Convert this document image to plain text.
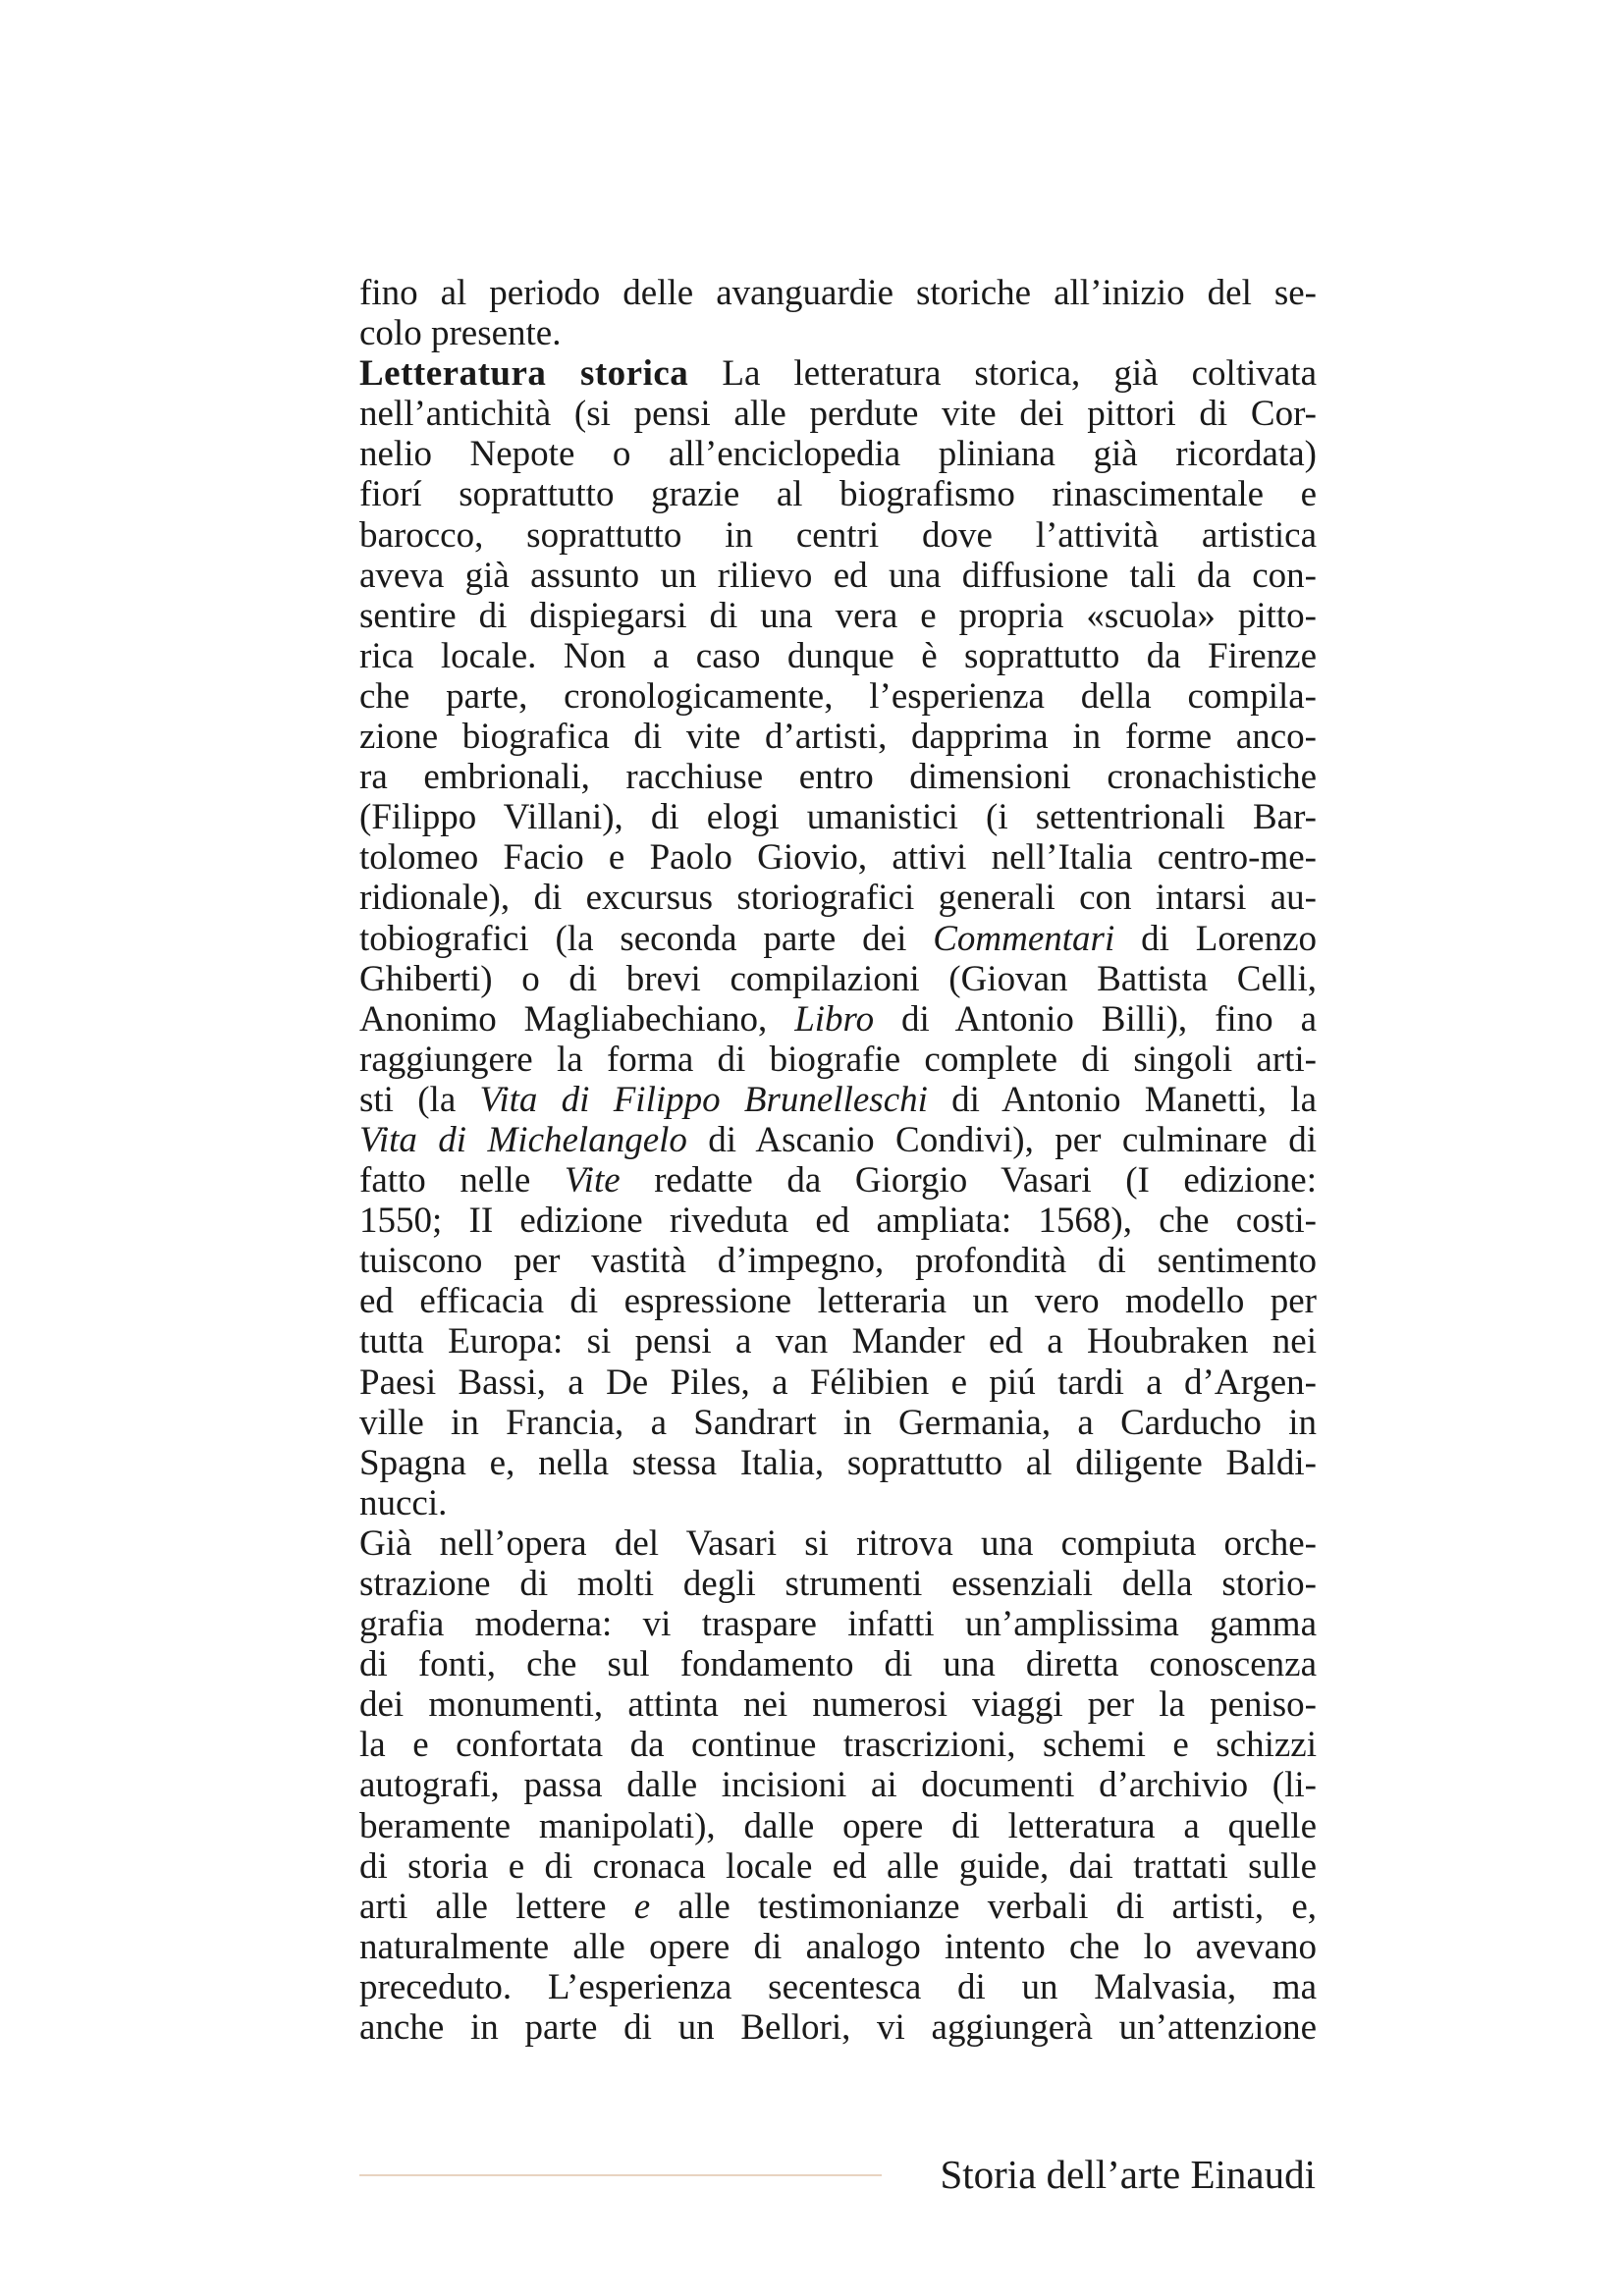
fino al periodo delle avanguardie storiche all’inizio del se-
colo presente.
Letteratura storica La letteratura storica, già coltivata
nell’antichità (si pensi alle perdute vite dei pittori di Cor-
nelio Nepote o all’enciclopedia pliniana già ricordata)
fiorí soprattutto grazie al biografismo rinascimentale e
barocco, soprattutto in centri dove l’attività artistica
aveva già assunto un rilievo ed una diffusione tali da con-
sentire di dispiegarsi di una vera e propria «scuola» pitto-
rica locale. Non a caso dunque è soprattutto da Firenze
che parte, cronologicamente, l’esperienza della compila-
zione biografica di vite d’artisti, dapprima in forme anco-
ra embrionali, racchiuse entro dimensioni cronachistiche
(Filippo Villani), di elogi umanistici (i settentrionali Bar-
tolomeo Facio e Paolo Giovio, attivi nell’Italia centro-me-
ridionale), di excursus storiografici generali con intarsi au-
tobiografici (la seconda parte dei Commentari di Lorenzo
Ghiberti) o di brevi compilazioni (Giovan Battista Celli,
Anonimo Magliabechiano, Libro di Antonio Billi), fino a
raggiungere la forma di biografie complete di singoli arti-
sti (la Vita di Filippo Brunelleschi di Antonio Manetti, la
Vita di Michelangelo di Ascanio Condivi), per culminare di
fatto nelle Vite redatte da Giorgio Vasari (I edizione:
1550; II edizione riveduta ed ampliata: 1568), che costi-
tuiscono per vastità d’impegno, profondità di sentimento
ed efficacia di espressione letteraria un vero modello per
tutta Europa: si pensi a van Mander ed a Houbraken nei
Paesi Bassi, a De Piles, a Félibien e piú tardi a d’Argen-
ville in Francia, a Sandrart in Germania, a Carducho in
Spagna e, nella stessa Italia, soprattutto al diligente Baldi-
nucci.
Già nell’opera del Vasari si ritrova una compiuta orche-
strazione di molti degli strumenti essenziali della storio-
grafia moderna: vi traspare infatti un’amplissima gamma
di fonti, che sul fondamento di una diretta conoscenza
dei monumenti, attinta nei numerosi viaggi per la peniso-
la e confortata da continue trascrizioni, schemi e schizzi
autografi, passa dalle incisioni ai documenti d’archivio (li-
beramente manipolati), dalle opere di letteratura a quelle
di storia e di cronaca locale ed alle guide, dai trattati sulle
arti alle lettere e alle testimonianze verbali di artisti, e,
naturalmente alle opere di analogo intento che lo avevano
preceduto. L’esperienza secentesca di un Malvasia, ma
anche in parte di un Bellori, vi aggiungerà un’attenzione
Storia dell’arte Einaudi
